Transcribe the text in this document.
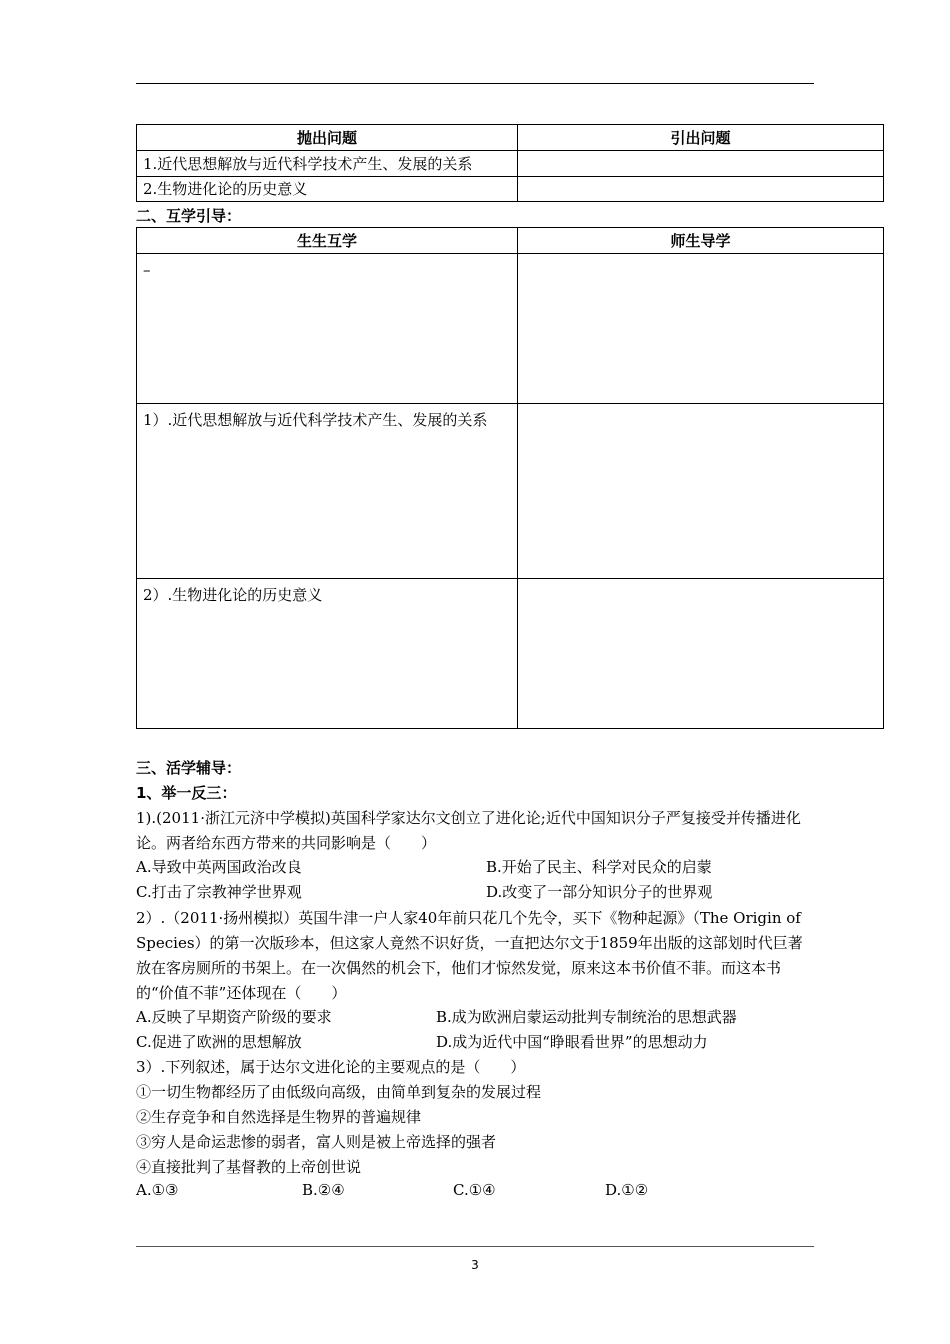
抛出问题	引出问题
1.近代思想解放与近代科学技术产生、发展的关系	
2.生物进化论的历史意义	
二、互学引导：
生生互学	师生导学
–	
1）.近代思想解放与近代科学技术产生、发展的关系	
2）.生物进化论的历史意义	
三、活学辅导：
1、举一反三：
1).(2011·浙江元济中学模拟)英国科学家达尔文创立了进化论;近代中国知识分子严复接受并传播进化论。两者给东西方带来的共同影响是（　　）
A.导致中英两国政治改良	B.开始了民主、科学对民众的启蒙
C.打击了宗教神学世界观	D.改变了一部分知识分子的世界观
2）.（2011·扬州模拟）英国牛津一户人家40年前只花几个先令，买下《物种起源》（The Origin of Species）的第一次版珍本，但这家人竟然不识好货，一直把达尔文于1859年出版的这部划时代巨著放在客房厕所的书架上。在一次偶然的机会下，他们才惊然发觉，原来这本书价值不菲。而这本书的“价值不菲”还体现在（　　）
A.反映了早期资产阶级的要求	B.成为欧洲启蒙运动批判专制统治的思想武器
C.促进了欧洲的思想解放	D.成为近代中国“睁眼看世界”的思想动力
3）.下列叙述，属于达尔文进化论的主要观点的是（　　）
①一切生物都经历了由低级向高级，由简单到复杂的发展过程
②生存竞争和自然选择是生物界的普遍规律
③穷人是命运悲惨的弱者，富人则是被上帝选择的强者
④直接批判了基督教的上帝创世说
A.①③	B.②④	C.①④	D.①②
3
